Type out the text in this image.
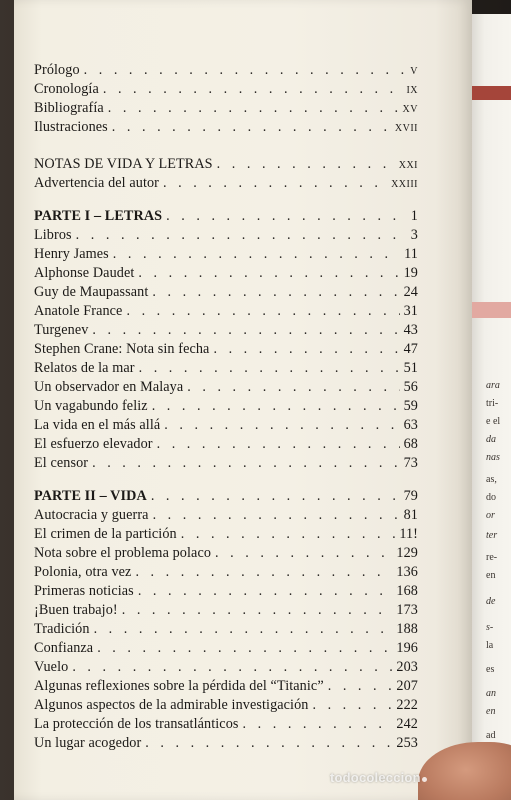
ara
tri-
e el
da
nas
as,
do
or
ter
re-
en
de
s-
la
es
an
en
ad
Prólogo . . .	V
Cronología . . .	IX
Bibliografía . . .	XV
Ilustraciones . . .	XVII
NOTAS DE VIDA Y LETRAS . . .	XXI
Advertencia del autor . . .	XXIII
PARTE I – LETRAS . . .	1
Libros . . .	3
Henry James . . .	11
Alphonse Daudet . . .	19
Guy de Maupassant . . .	24
Anatole France . . .	31
Turgenev . . .	43
Stephen Crane: Nota sin fecha . . .	47
Relatos de la mar . . .	51
Un observador en Malaya . . .	56
Un vagabundo feliz . . .	59
La vida en el más allá . . .	63
El esfuerzo elevador . . .	68
El censor . . .	73
PARTE II – VIDA . . .	79
Autocracia y guerra . . .	81
El crimen de la partición . . .	11!
Nota sobre el problema polaco . . .	129
Polonia, otra vez . . .	136
Primeras noticias . . .	168
¡Buen trabajo! . . .	173
Tradición . . .	188
Confianza . . .	196
Vuelo . . .	203
Algunas reflexiones sobre la pérdida del “Titanic” . . .	207
Algunos aspectos de la admirable investigación . . .	222
La protección de los transatlánticos . . .	242
Un lugar acogedor . . .	253
todocoleccion
